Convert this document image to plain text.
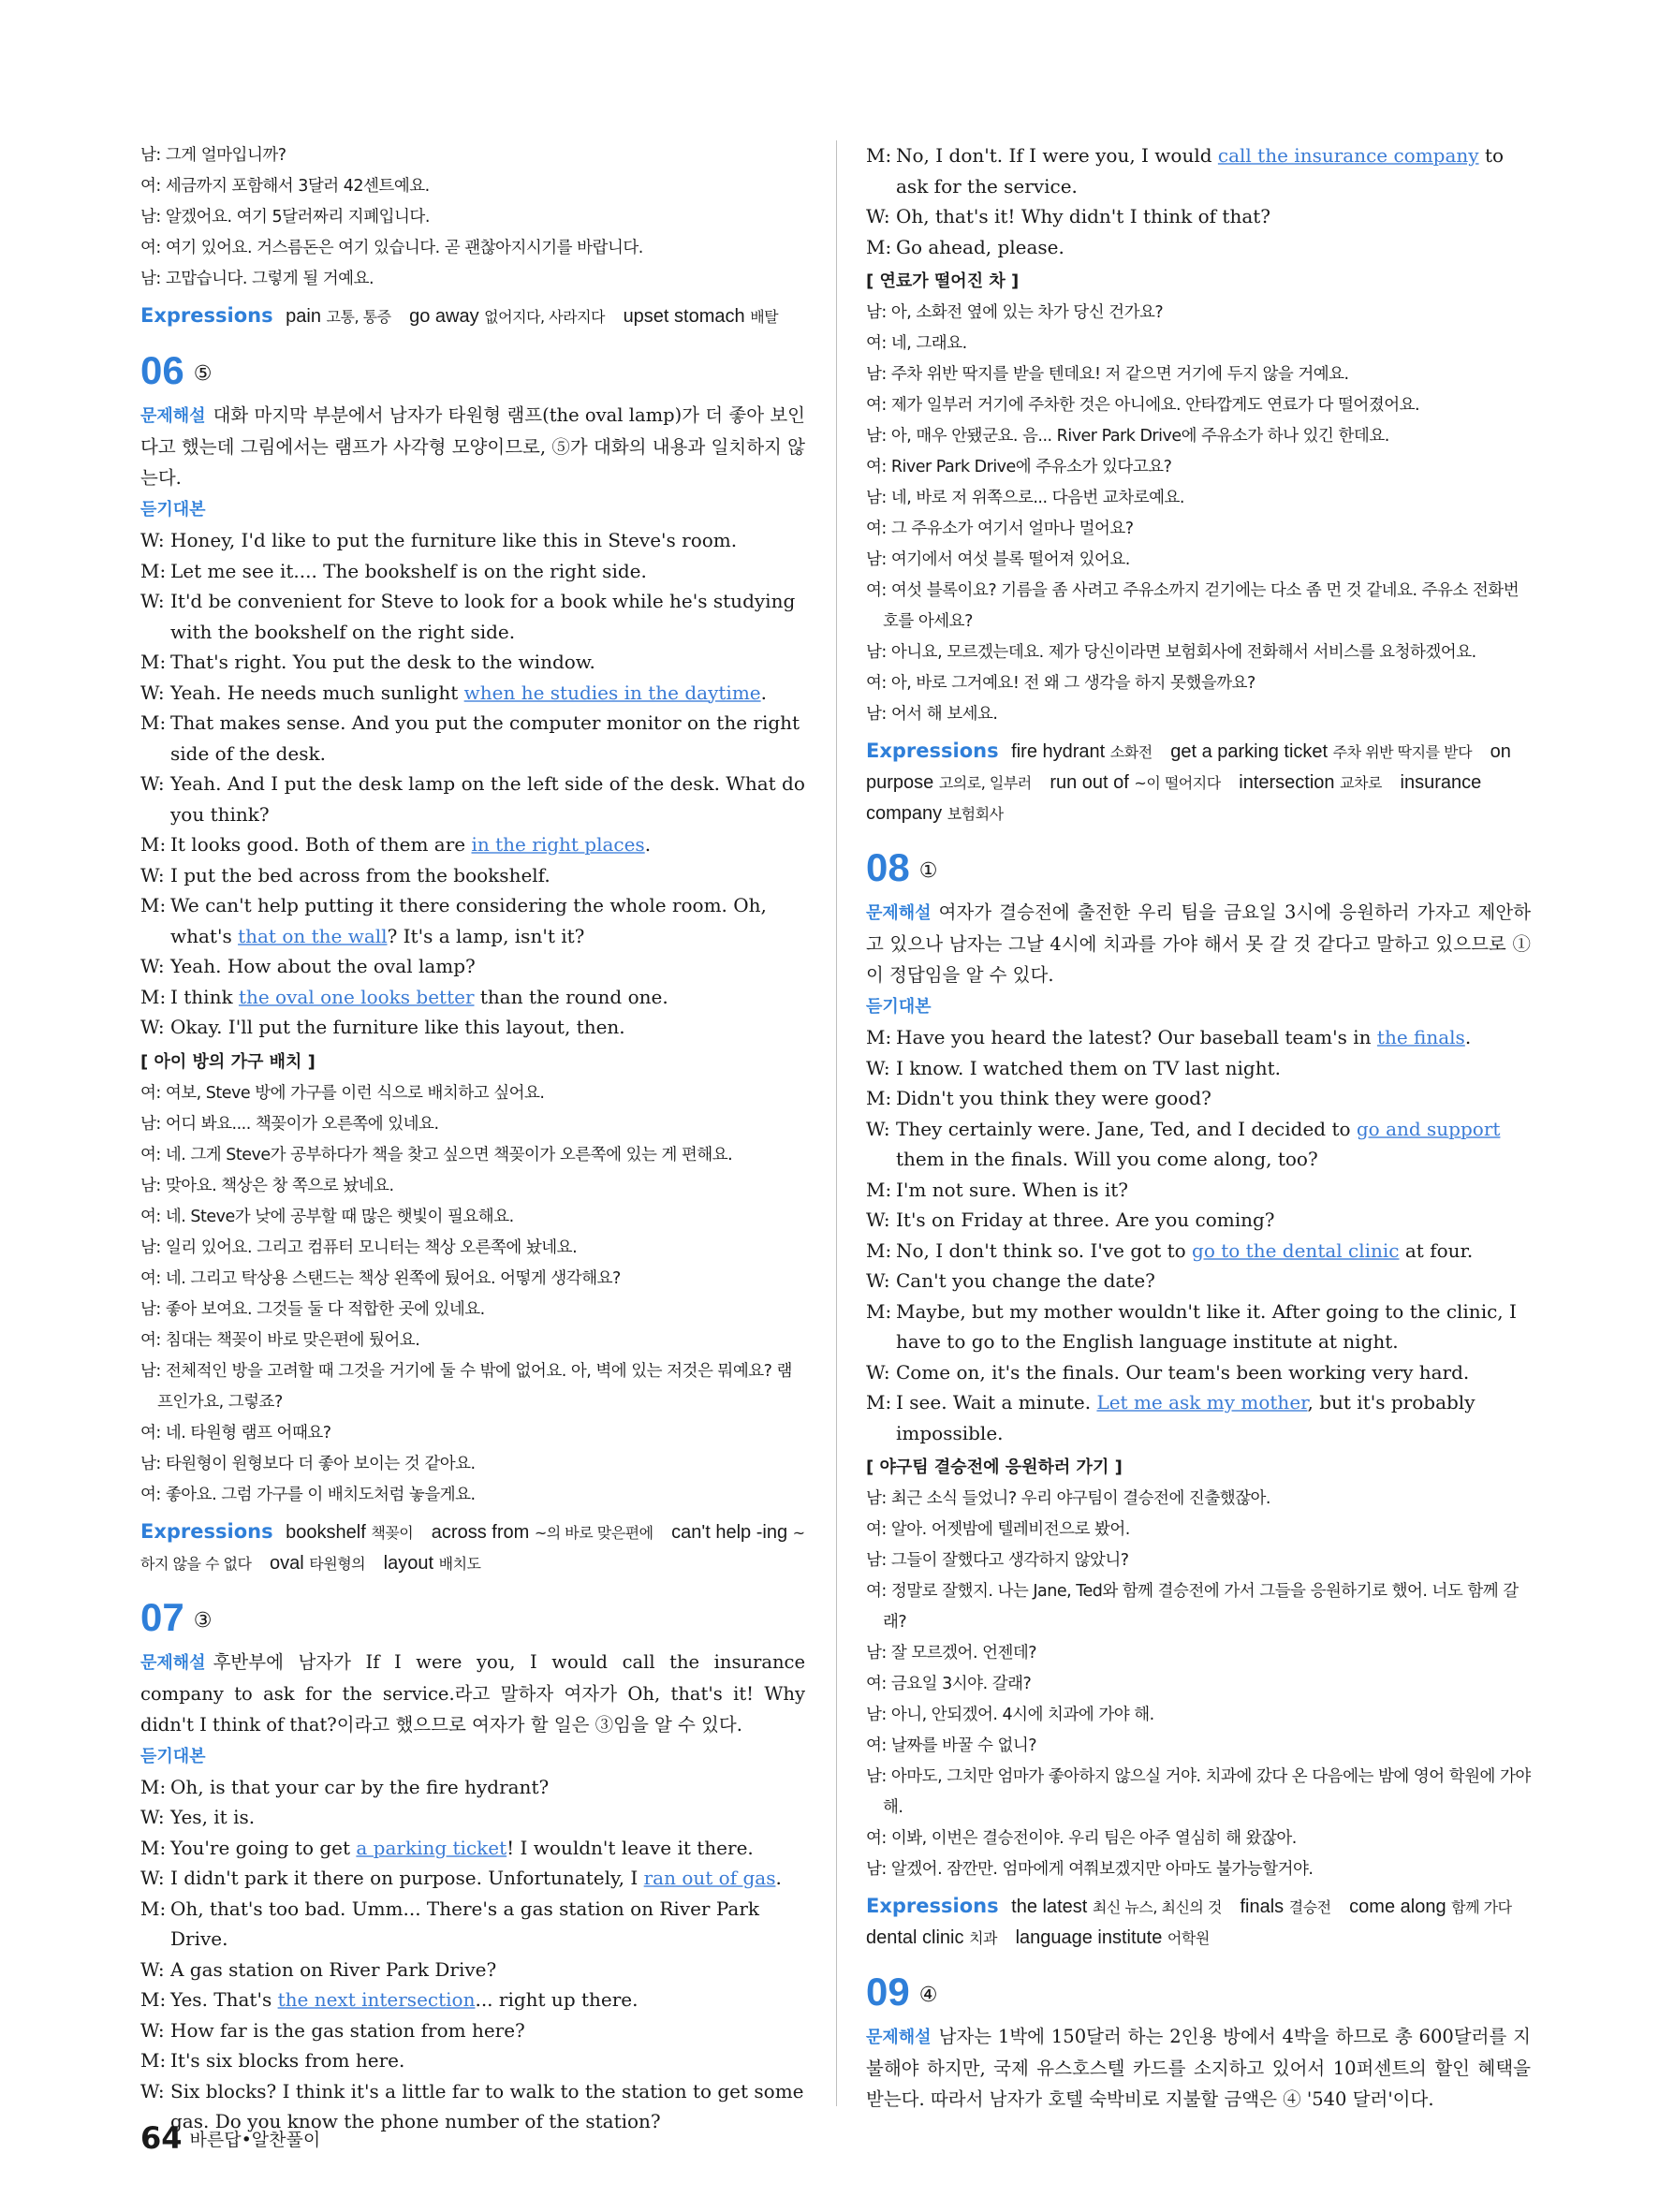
남: 그게 얼마입니까?

여: 세금까지 포함해서 3달러 42센트예요.

남: 알겠어요. 여기 5달러짜리 지폐입니다.

여: 여기 있어요. 거스름돈은 여기 있습니다. 곧 괜찮아지시기를 바랍니다.

남: 고맙습니다. 그렇게 될 거예요.

Expressions pain 고통, 통증 go away 없어지다, 사라지다 upset stomach 배탈

06 ⑤

문제해설 대화 마지막 부분에서 남자가 타원형 램프(the oval lamp)가 더 좋아 보인다고 했는데 그림에서는 램프가 사각형 모양이므로, ⑤가 대화의 내용과 일치하지 않는다.

듣기대본

W: Honey, I'd like to put the furniture like this in Steve's room.

M: Let me see it.... The bookshelf is on the right side.

W: It'd be convenient for Steve to look for a book while he's studying with the bookshelf on the right side.

M: That's right. You put the desk to the window.

W: Yeah. He needs much sunlight when he studies in the daytime.

M: That makes sense. And you put the computer monitor on the right side of the desk.

W: Yeah. And I put the desk lamp on the left side of the desk. What do you think?

M: It looks good. Both of them are in the right places.

W: I put the bed across from the bookshelf.

M: We can't help putting it there considering the whole room. Oh, what's that on the wall? It's a lamp, isn't it?

W: Yeah. How about the oval lamp?

M: I think the oval one looks better than the round one.

W: Okay. I'll put the furniture like this layout, then.

[ 아이 방의 가구 배치 ]

여: 여보, Steve 방에 가구를 이런 식으로 배치하고 싶어요.

남: 어디 봐요.... 책꽂이가 오른쪽에 있네요.

여: 네. 그게 Steve가 공부하다가 책을 찾고 싶으면 책꽂이가 오른쪽에 있는 게 편해요.

남: 맞아요. 책상은 창 쪽으로 놨네요.

여: 네. Steve가 낮에 공부할 때 많은 햇빛이 필요해요.

남: 일리 있어요. 그리고 컴퓨터 모니터는 책상 오른쪽에 놨네요.

여: 네. 그리고 탁상용 스탠드는 책상 왼쪽에 뒀어요. 어떻게 생각해요?

남: 좋아 보여요. 그것들 둘 다 적합한 곳에 있네요.

여: 침대는 책꽂이 바로 맞은편에 뒀어요.

남: 전체적인 방을 고려할 때 그것을 거기에 둘 수 밖에 없어요. 아, 벽에 있는 저것은 뭐예요? 램프인가요, 그렇죠?

여: 네. 타원형 램프 어때요?

남: 타원형이 원형보다 더 좋아 보이는 것 같아요.

여: 좋아요. 그럼 가구를 이 배치도처럼 놓을게요.

Expressions bookshelf 책꽂이 across from ~의 바로 맞은편에 can't help -ing ~하지 않을 수 없다 oval 타원형의 layout 배치도

07 ③

문제해설 후반부에 남자가 If I were you, I would call the insurance company to ask for the service.라고 말하자 여자가 Oh, that's it! Why didn't I think of that?이라고 했으므로 여자가 할 일은 ③임을 알 수 있다.

듣기대본

M: Oh, is that your car by the fire hydrant?

W: Yes, it is.

M: You're going to get a parking ticket! I wouldn't leave it there.

W: I didn't park it there on purpose. Unfortunately, I ran out of gas.

M: Oh, that's too bad. Umm... There's a gas station on River Park Drive.

W: A gas station on River Park Drive?

M: Yes. That's the next intersection... right up there.

W: How far is the gas station from here?

M: It's six blocks from here.

W: Six blocks? I think it's a little far to walk to the station to get some gas. Do you know the phone number of the station?

M: No, I don't. If I were you, I would call the insurance company to ask for the service.

W: Oh, that's it! Why didn't I think of that?

M: Go ahead, please.

[ 연료가 떨어진 차 ]

남: 아, 소화전 옆에 있는 차가 당신 건가요?

여: 네, 그래요.

남: 주차 위반 딱지를 받을 텐데요! 저 같으면 거기에 두지 않을 거예요.

여: 제가 일부러 거기에 주차한 것은 아니에요. 안타깝게도 연료가 다 떨어졌어요.

남: 아, 매우 안됐군요. 음... River Park Drive에 주유소가 하나 있긴 한데요.

여: River Park Drive에 주유소가 있다고요?

남: 네, 바로 저 위쪽으로... 다음번 교차로예요.

여: 그 주유소가 여기서 얼마나 멀어요?

남: 여기에서 여섯 블록 떨어져 있어요.

여: 여섯 블록이요? 기름을 좀 사려고 주유소까지 걷기에는 다소 좀 먼 것 같네요. 주유소 전화번호를 아세요?

남: 아니요, 모르겠는데요. 제가 당신이라면 보험회사에 전화해서 서비스를 요청하겠어요.

여: 아, 바로 그거예요! 전 왜 그 생각을 하지 못했을까요?

남: 어서 해 보세요.

Expressions fire hydrant 소화전 get a parking ticket 주차 위반 딱지를 받다 on purpose 고의로, 일부러 run out of ~이 떨어지다 intersection 교차로 insurance company 보험회사

08 ①

문제해설 여자가 결승전에 출전한 우리 팀을 금요일 3시에 응원하러 가자고 제안하고 있으나 남자는 그날 4시에 치과를 가야 해서 못 갈 것 같다고 말하고 있으므로 ①이 정답임을 알 수 있다.

듣기대본

M: Have you heard the latest? Our baseball team's in the finals.

W: I know. I watched them on TV last night.

M: Didn't you think they were good?

W: They certainly were. Jane, Ted, and I decided to go and support them in the finals. Will you come along, too?

M: I'm not sure. When is it?

W: It's on Friday at three. Are you coming?

M: No, I don't think so. I've got to go to the dental clinic at four.

W: Can't you change the date?

M: Maybe, but my mother wouldn't like it. After going to the clinic, I have to go to the English language institute at night.

W: Come on, it's the finals. Our team's been working very hard.

M: I see. Wait a minute. Let me ask my mother, but it's probably impossible.

[ 야구팀 결승전에 응원하러 가기 ]

남: 최근 소식 들었니? 우리 야구팀이 결승전에 진출했잖아.

여: 알아. 어젯밤에 텔레비전으로 봤어.

남: 그들이 잘했다고 생각하지 않았니?

여: 정말로 잘했지. 나는 Jane, Ted와 함께 결승전에 가서 그들을 응원하기로 했어. 너도 함께 갈래?

남: 잘 모르겠어. 언젠데?

여: 금요일 3시야. 갈래?

남: 아니, 안되겠어. 4시에 치과에 가야 해.

여: 날짜를 바꿀 수 없니?

남: 아마도, 그치만 엄마가 좋아하지 않으실 거야. 치과에 갔다 온 다음에는 밤에 영어 학원에 가야 해.

여: 이봐, 이번은 결승전이야. 우리 팀은 아주 열심히 해 왔잖아.

남: 알겠어. 잠깐만. 엄마에게 여쭤보겠지만 아마도 불가능할거야.

Expressions the latest 최신 뉴스, 최신의 것 finals 결승전 come along 함께 가다 dental clinic 치과 language institute 어학원

09 ④

문제해설 남자는 1박에 150달러 하는 2인용 방에서 4박을 하므로 총 600달러를 지불해야 하지만, 국제 유스호스텔 카드를 소지하고 있어서 10퍼센트의 할인 혜택을 받는다. 따라서 남자가 호텔 숙박비로 지불할 금액은 ④ '540 달러'이다.

64 바른답•알찬풀이
